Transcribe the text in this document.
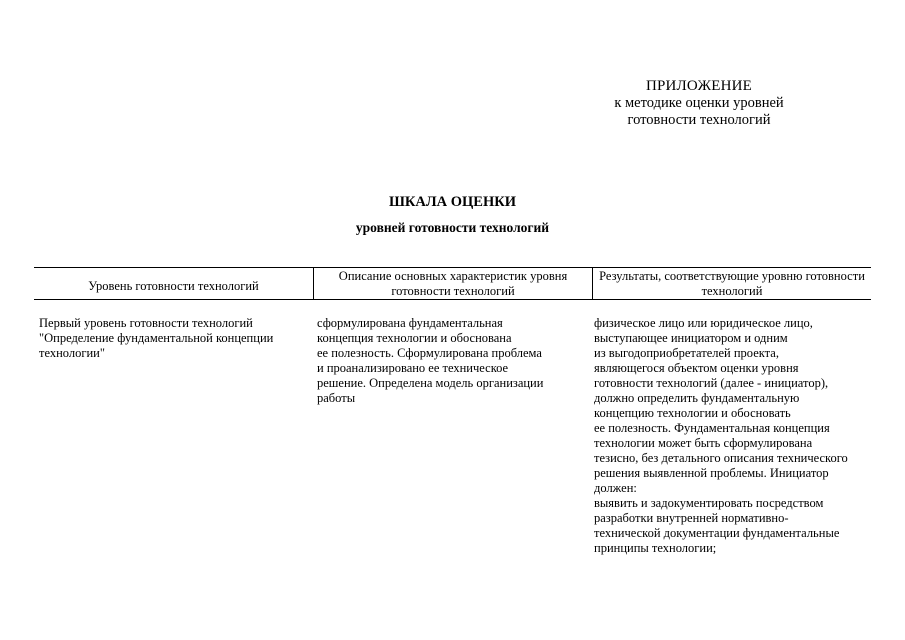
ПРИЛОЖЕНИЕ
к методике оценки уровней
готовности технологий
ШКАЛА ОЦЕНКИ
уровней готовности технологий
Уровень готовности технологий
Описание основных характеристик уровня готовности технологий
Результаты, соответствующие уровню готовности технологий
Первый уровень готовности технологий
"Определение фундаментальной концепции
технологии"
сформулирована фундаментальная
концепция технологии и обоснована
ее полезность. Сформулирована проблема
и проанализировано ее техническое
решение. Определена модель организации
работы
физическое лицо или юридическое лицо,
выступающее инициатором и одним
из выгодоприобретателей проекта,
являющегося объектом оценки уровня
готовности технологий (далее - инициатор),
должно определить фундаментальную
концепцию технологии и обосновать
ее полезность. Фундаментальная концепция
технологии может быть сформулирована
тезисно, без детального описания технического
решения выявленной проблемы. Инициатор
должен:
выявить и задокументировать посредством
разработки внутренней нормативно-
технической документации фундаментальные
принципы технологии;
